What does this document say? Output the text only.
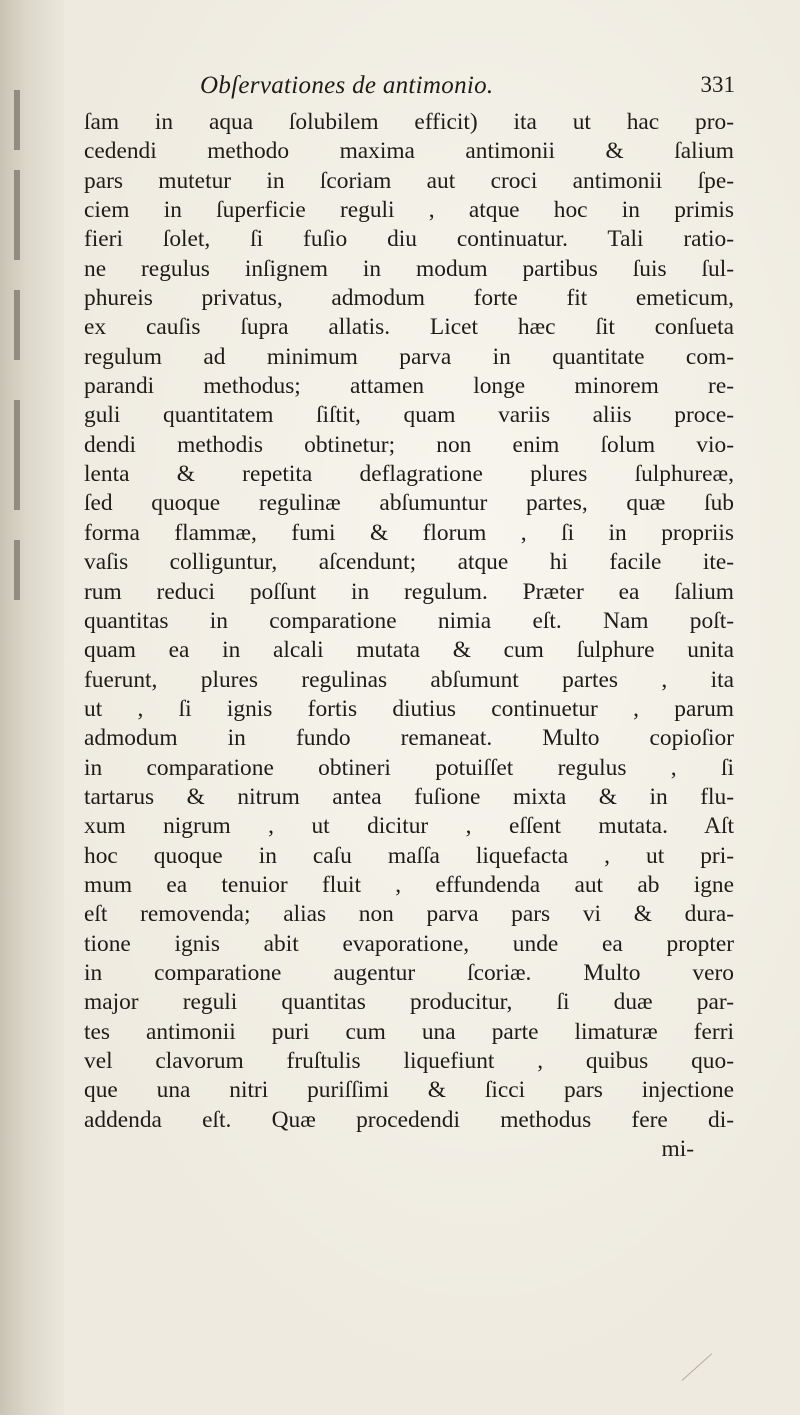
Obſervationes de antimonio.	331
ſam in aqua ſolubilem efficit) ita ut hac pro-
cedendi methodo maxima antimonii & ſalium
pars mutetur in ſcoriam aut croci antimonii ſpe-
ciem in ſuperficie reguli , atque hoc in primis
fieri ſolet, ſi fuſio diu continuatur. Tali ratio-
ne regulus inſignem in modum partibus ſuis ſul-
phureis privatus, admodum forte fit emeticum,
ex cauſis ſupra allatis. Licet hæc ſit conſueta
regulum ad minimum parva in quantitate com-
parandi methodus; attamen longe minorem re-
guli quantitatem ſiſtit, quam variis aliis proce-
dendi methodis obtinetur; non enim ſolum vio-
lenta & repetita deflagratione plures ſulphureæ,
ſed quoque regulinæ abſumuntur partes, quæ ſub
forma flammæ, fumi & florum , ſi in propriis
vaſis colliguntur, aſcendunt; atque hi facile ite-
rum reduci poſſunt in regulum. Præter ea ſalium
quantitas in comparatione nimia eſt. Nam poſt-
quam ea in alcali mutata & cum ſulphure unita
fuerunt, plures regulinas abſumunt partes , ita
ut , ſi ignis fortis diutius continuetur , parum
admodum in fundo remaneat. Multo copioſior
in comparatione obtineri potuiſſet regulus , ſi
tartarus & nitrum antea fuſione mixta & in flu-
xum nigrum , ut dicitur , eſſent mutata. Aſt
hoc quoque in caſu maſſa liquefacta , ut pri-
mum ea tenuior fluit , effundenda aut ab igne
eſt removenda; alias non parva pars vi & dura-
tione ignis abit evaporatione, unde ea propter
in comparatione augentur ſcoriæ. Multo vero
major reguli quantitas producitur, ſi duæ par-
tes antimonii puri cum una parte limaturæ ferri
vel clavorum fruſtulis liquefiunt , quibus quo-
que una nitri puriſſimi & ſicci pars injectione
addenda eſt. Quæ procedendi methodus fere di-
mi-
